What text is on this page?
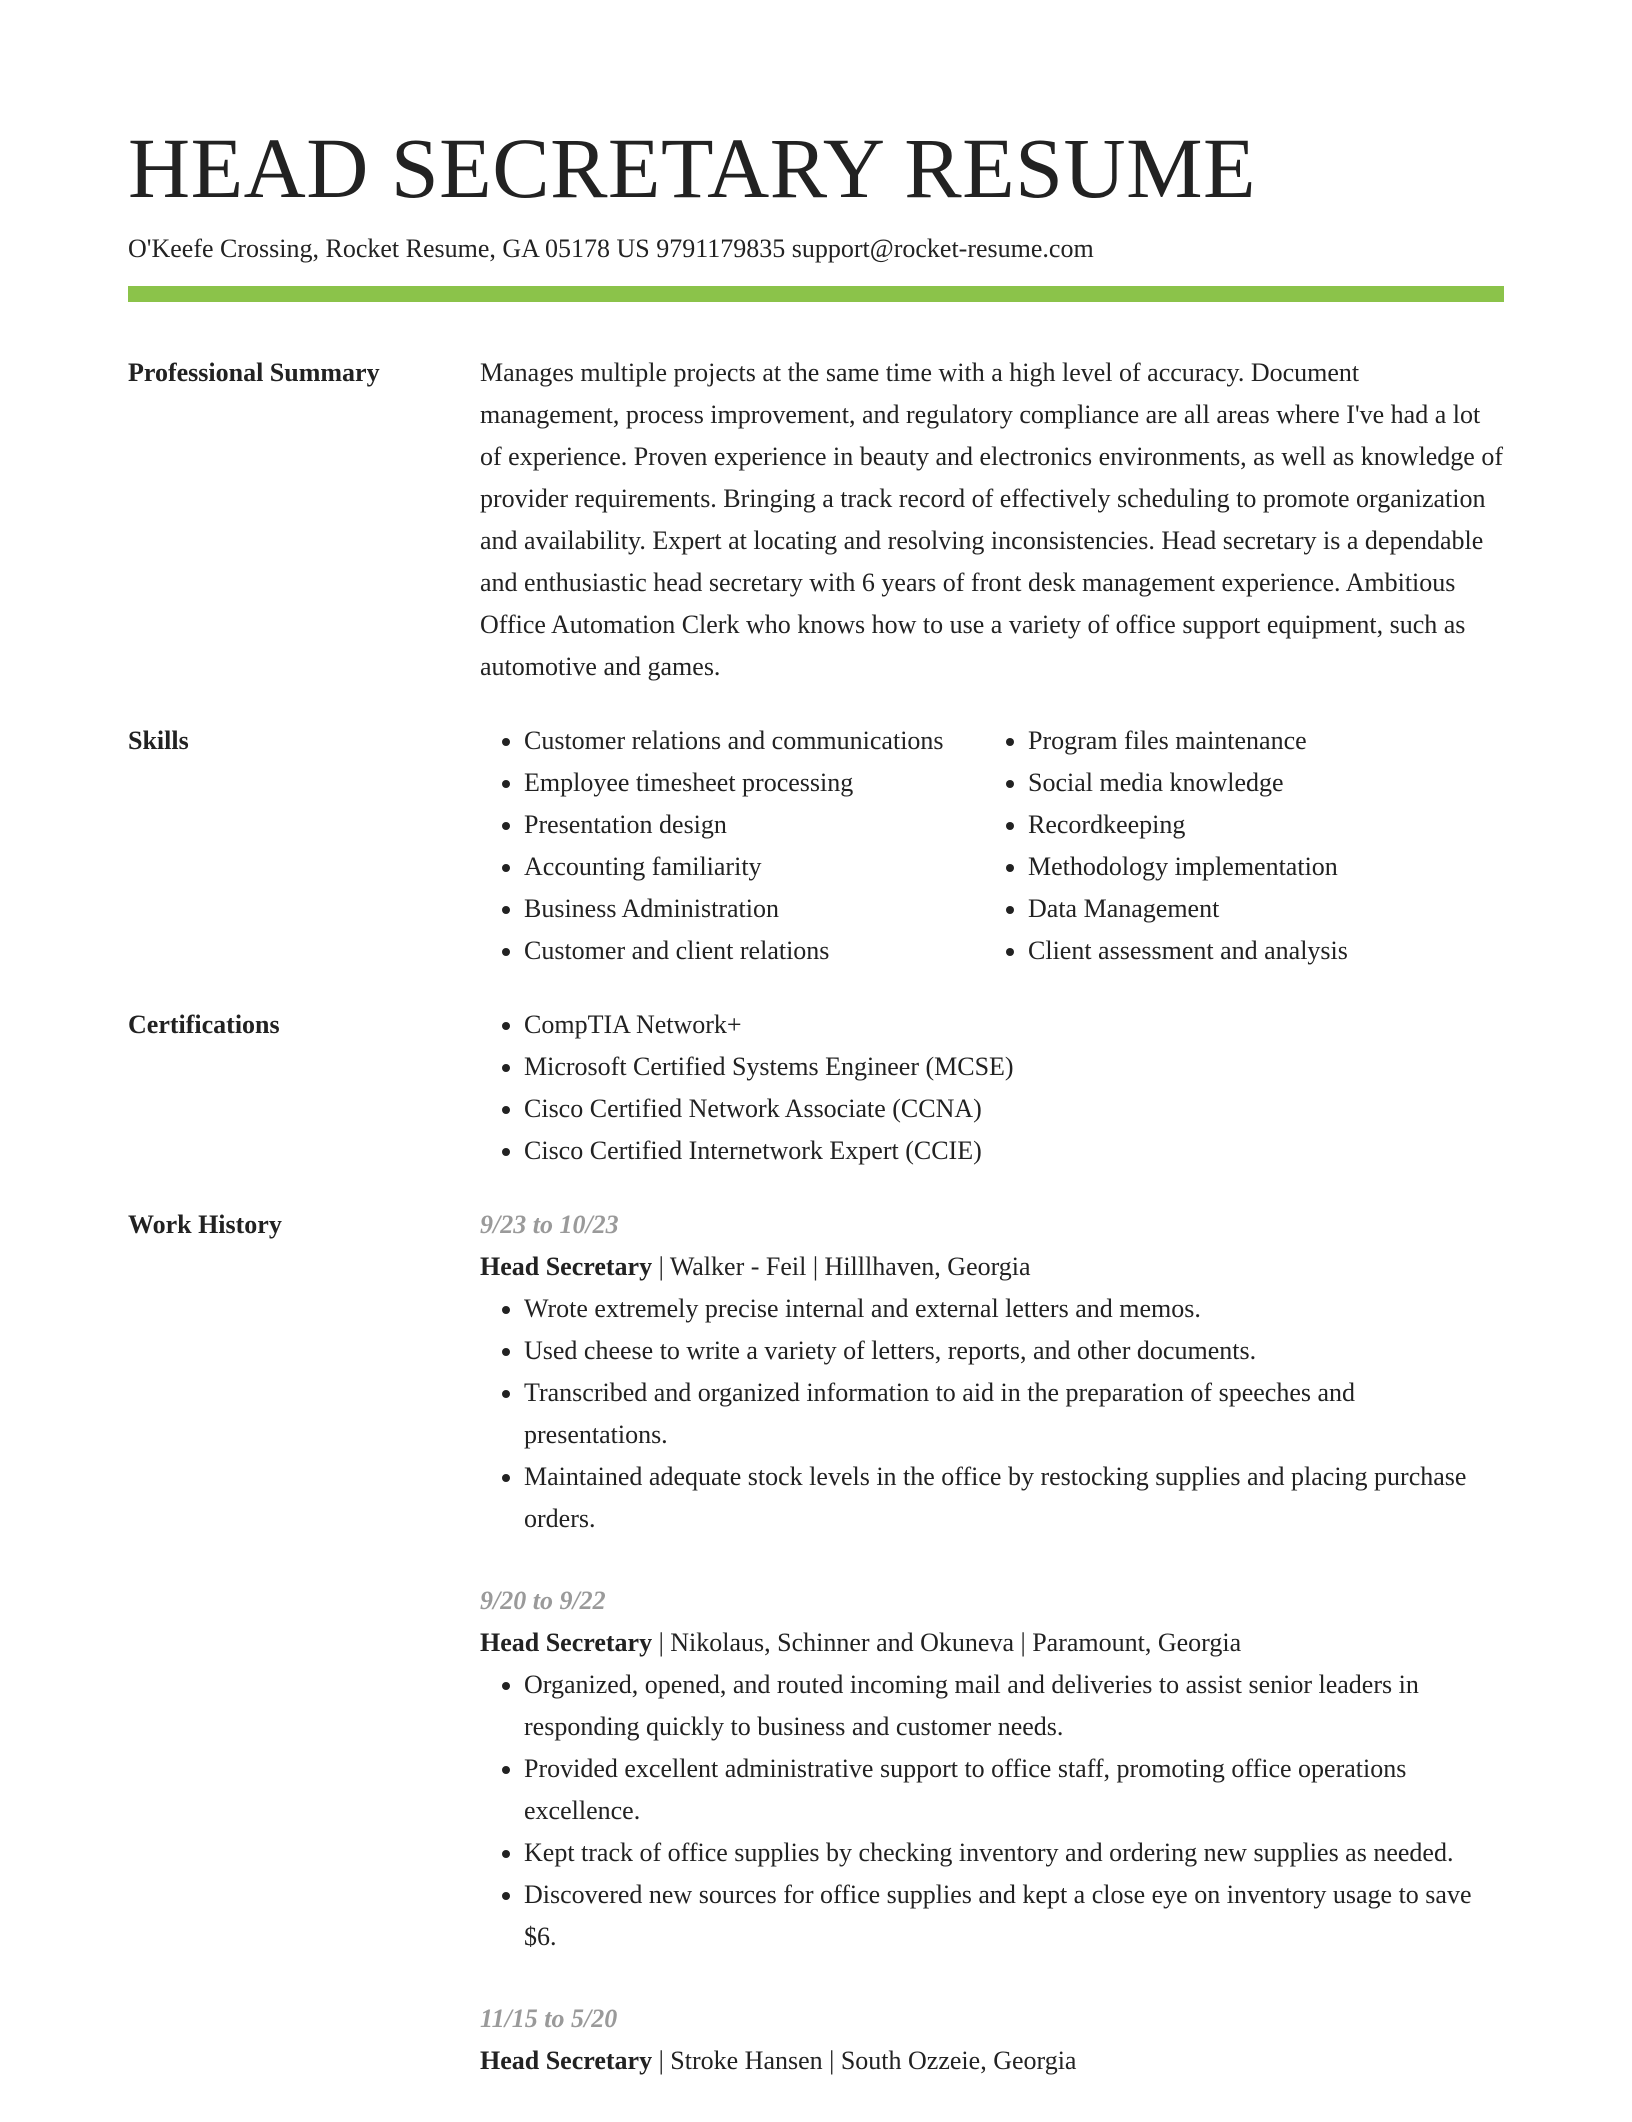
HEAD SECRETARY RESUME
O'Keefe Crossing, Rocket Resume, GA 05178 US 9791179835 support@rocket-resume.com
Professional Summary	Manages multiple projects at the same time with a high level of accuracy. Document management, process improvement, and regulatory compliance are all areas where I've had a lot of experience. Proven experience in beauty and electronics environments, as well as knowledge of provider requirements. Bringing a track record of effectively scheduling to promote organization and availability. Expert at locating and resolving inconsistencies. Head secretary is a dependable and enthusiastic head secretary with 6 years of front desk management experience. Ambitious Office Automation Clerk who knows how to use a variety of office support equipment, such as automotive and games.

Skills	• Customer relations and communications
• Employee timesheet processing
• Presentation design
• Accounting familiarity
• Business Administration
• Customer and client relations
• Program files maintenance
• Social media knowledge
• Recordkeeping
• Methodology implementation
• Data Management
• Client assessment and analysis
Certifications	• CompTIA Network+
• Microsoft Certified Systems Engineer (MCSE)
• Cisco Certified Network Associate (CCNA)
• Cisco Certified Internetwork Expert (CCIE)
Work History	9/23 to 10/23
Head Secretary | Walker - Feil | Hilllhaven, Georgia
• Wrote extremely precise internal and external letters and memos.
• Used cheese to write a variety of letters, reports, and other documents.
• Transcribed and organized information to aid in the preparation of speeches and presentations.
• Maintained adequate stock levels in the office by restocking supplies and placing purchase orders.
9/20 to 9/22
Head Secretary | Nikolaus, Schinner and Okuneva | Paramount, Georgia
• Organized, opened, and routed incoming mail and deliveries to assist senior leaders in responding quickly to business and customer needs.
• Provided excellent administrative support to office staff, promoting office operations excellence.
• Kept track of office supplies by checking inventory and ordering new supplies as needed.
• Discovered new sources for office supplies and kept a close eye on inventory usage to save $6.
11/15 to 5/20
Head Secretary | Stroke Hansen | South Ozzeie, Georgia
